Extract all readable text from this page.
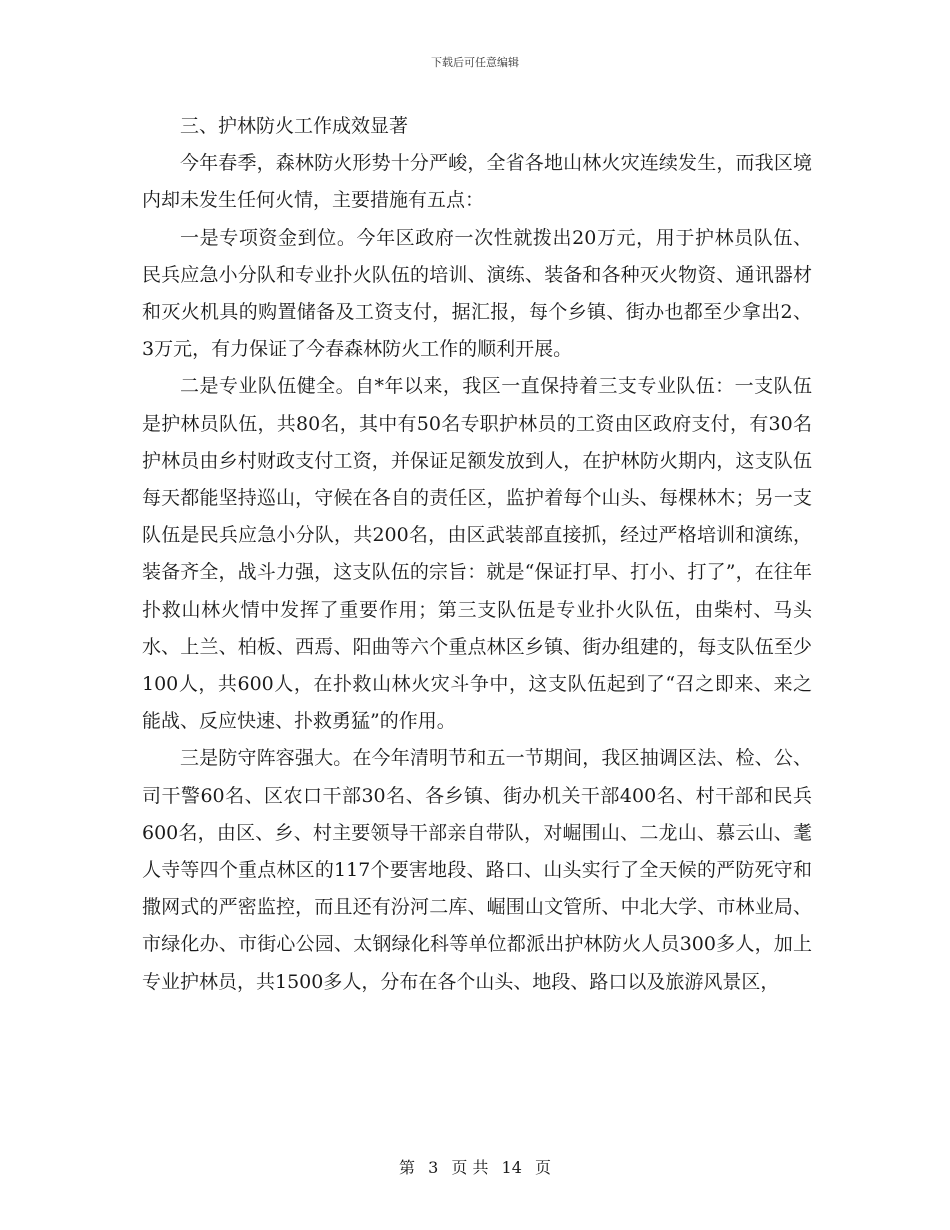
下载后可任意编辑

三、护林防火工作成效显著

今年春季，森林防火形势十分严峻，全省各地山林火灾连续发生，而我区境内却未发生任何火情，主要措施有五点：

一是专项资金到位。今年区政府一次性就拨出20万元，用于护林员队伍、民兵应急小分队和专业扑火队伍的培训、演练、装备和各种灭火物资、通讯器材和灭火机具的购置储备及工资支付，据汇报，每个乡镇、街办也都至少拿出2、3万元，有力保证了今春森林防火工作的顺利开展。

二是专业队伍健全。自*年以来，我区一直保持着三支专业队伍：一支队伍是护林员队伍，共80名，其中有50名专职护林员的工资由区政府支付，有30名护林员由乡村财政支付工资，并保证足额发放到人，在护林防火期内，这支队伍每天都能坚持巡山，守候在各自的责任区，监护着每个山头、每棵林木；另一支队伍是民兵应急小分队，共200名，由区武装部直接抓，经过严格培训和演练，装备齐全，战斗力强，这支队伍的宗旨：就是“保证打早、打小、打了”，在往年扑救山林火情中发挥了重要作用；第三支队伍是专业扑火队伍，由柴村、马头水、上兰、柏板、西焉、阳曲等六个重点林区乡镇、街办组建的，每支队伍至少100人，共600人，在扑救山林火灾斗争中，这支队伍起到了“召之即来、来之能战、反应快速、扑救勇猛”的作用。

三是防守阵容强大。在今年清明节和五一节期间，我区抽调区法、检、公、司干警60名、区农口干部30名、各乡镇、街办机关干部400名、村干部和民兵600名，由区、乡、村主要领导干部亲自带队，对崛围山、二龙山、慕云山、耄人寺等四个重点林区的117个要害地段、路口、山头实行了全天候的严防死守和撒网式的严密监控，而且还有汾河二库、崛围山文管所、中北大学、市林业局、市绿化办、市街心公园、太钢绿化科等单位都派出护林防火人员300多人，加上专业护林员，共1500多人，分布在各个山头、地段、路口以及旅游风景区，

第 3 页 共 14 页
